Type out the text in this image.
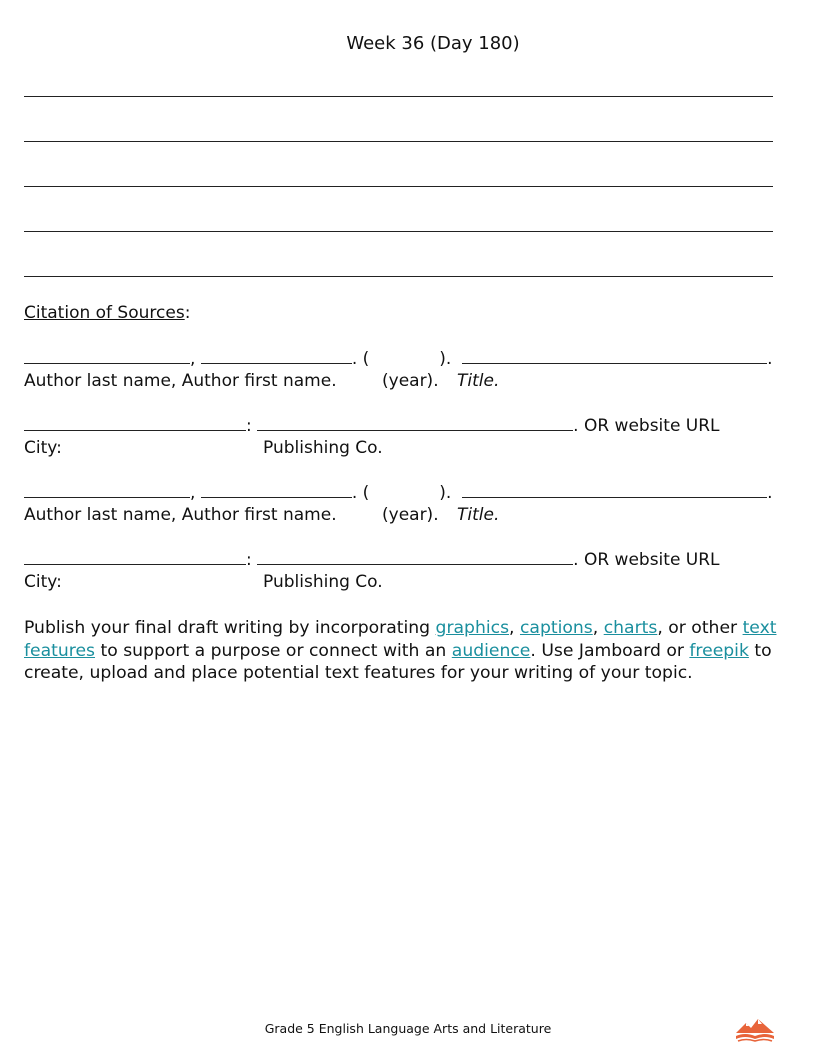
Week 36 (Day 180)
Citation of Sources:
,	. (	).	.
Author last name, Author first name.	(year). Title.
:	. OR website URL
City:	Publishing Co.
,	. (	).	.
Author last name, Author first name.	(year). Title.
:	. OR website URL
City:	Publishing Co.
Publish your final draft writing by incorporating graphics, captions, charts, or other text features to support a purpose or connect with an audience. Use Jamboard or freepik to create, upload and place potential text features for your writing of your topic.
Grade 5 English Language Arts and Literature
